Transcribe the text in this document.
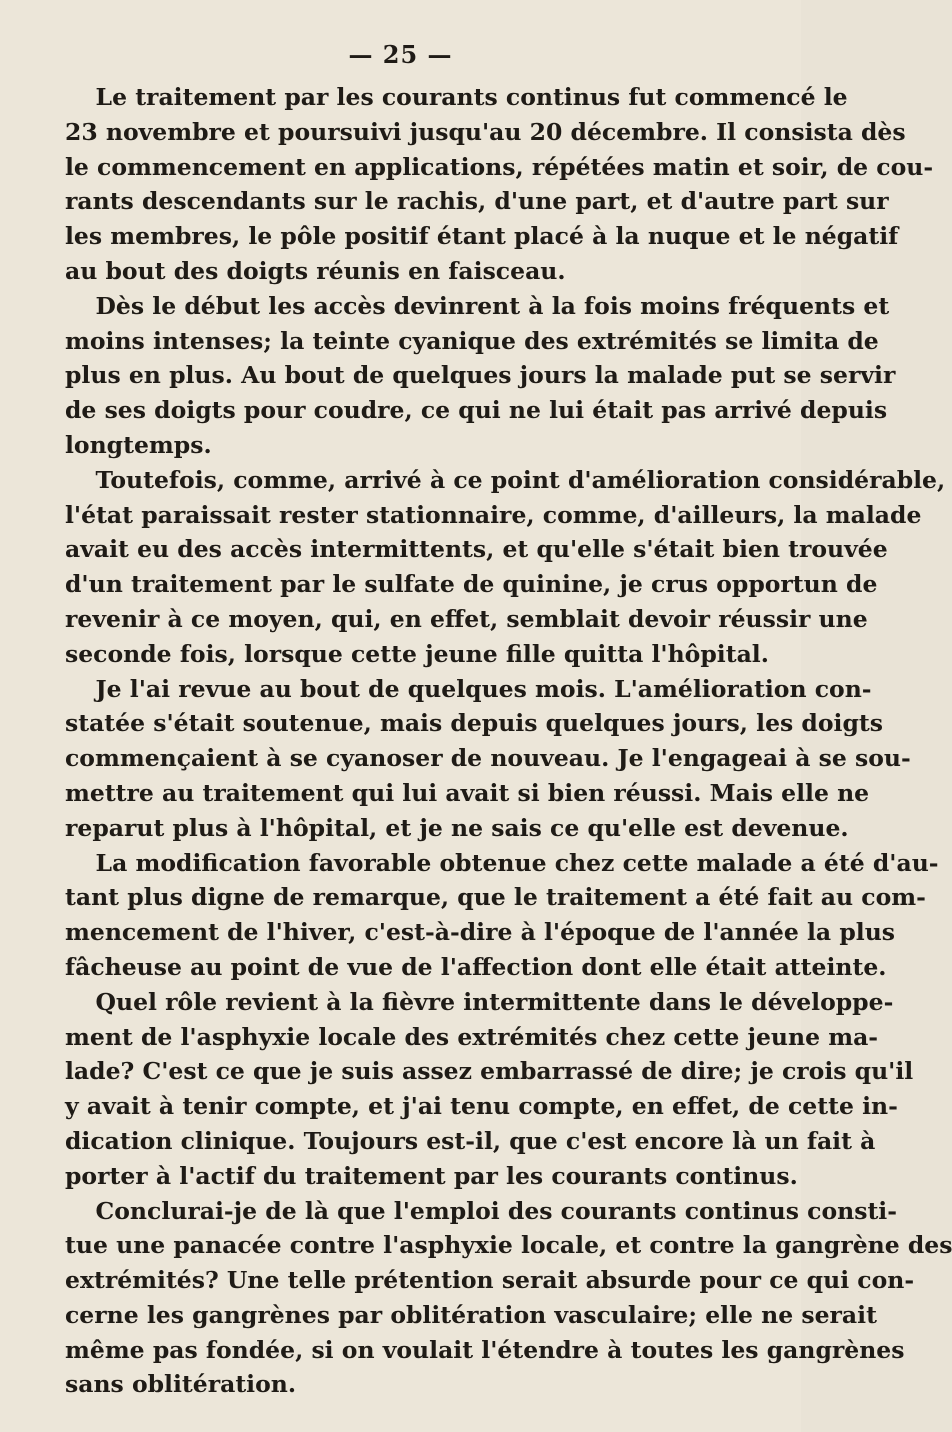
— 25 —

Le traitement par les courants continus fut commencé le
23 novembre et poursuivi jusqu'au 20 décembre. Il consista dès
le commencement en applications, répétées matin et soir, de cou-
rants descendants sur le rachis, d'une part, et d'autre part sur
les membres, le pôle positif étant placé à la nuque et le négatif
au bout des doigts réunis en faisceau.

Dès le début les accès devinrent à la fois moins fréquents et
moins intenses; la teinte cyanique des extrémités se limita de
plus en plus. Au bout de quelques jours la malade put se servir
de ses doigts pour coudre, ce qui ne lui était pas arrivé depuis
longtemps.

Toutefois, comme, arrivé à ce point d'amélioration considérable,
l'état paraissait rester stationnaire, comme, d'ailleurs, la malade
avait eu des accès intermittents, et qu'elle s'était bien trouvée
d'un traitement par le sulfate de quinine, je crus opportun de
revenir à ce moyen, qui, en effet, semblait devoir réussir une
seconde fois, lorsque cette jeune fille quitta l'hôpital.

Je l'ai revue au bout de quelques mois. L'amélioration con-
statée s'était soutenue, mais depuis quelques jours, les doigts
commençaient à se cyanoser de nouveau. Je l'engageai à se sou-
mettre au traitement qui lui avait si bien réussi. Mais elle ne
reparut plus à l'hôpital, et je ne sais ce qu'elle est devenue.

La modification favorable obtenue chez cette malade a été d'au-
tant plus digne de remarque, que le traitement a été fait au com-
mencement de l'hiver, c'est-à-dire à l'époque de l'année la plus
fâcheuse au point de vue de l'affection dont elle était atteinte.

Quel rôle revient à la fièvre intermittente dans le développe-
ment de l'asphyxie locale des extrémités chez cette jeune ma-
lade? C'est ce que je suis assez embarrassé de dire; je crois qu'il
y avait à tenir compte, et j'ai tenu compte, en effet, de cette in-
dication clinique. Toujours est-il, que c'est encore là un fait à
porter à l'actif du traitement par les courants continus.

Conclurai-je de là que l'emploi des courants continus consti-
tue une panacée contre l'asphyxie locale, et contre la gangrène des
extrémités? Une telle prétention serait absurde pour ce qui con-
cerne les gangrènes par oblitération vasculaire; elle ne serait
même pas fondée, si on voulait l'étendre à toutes les gangrènes
sans oblitération.
